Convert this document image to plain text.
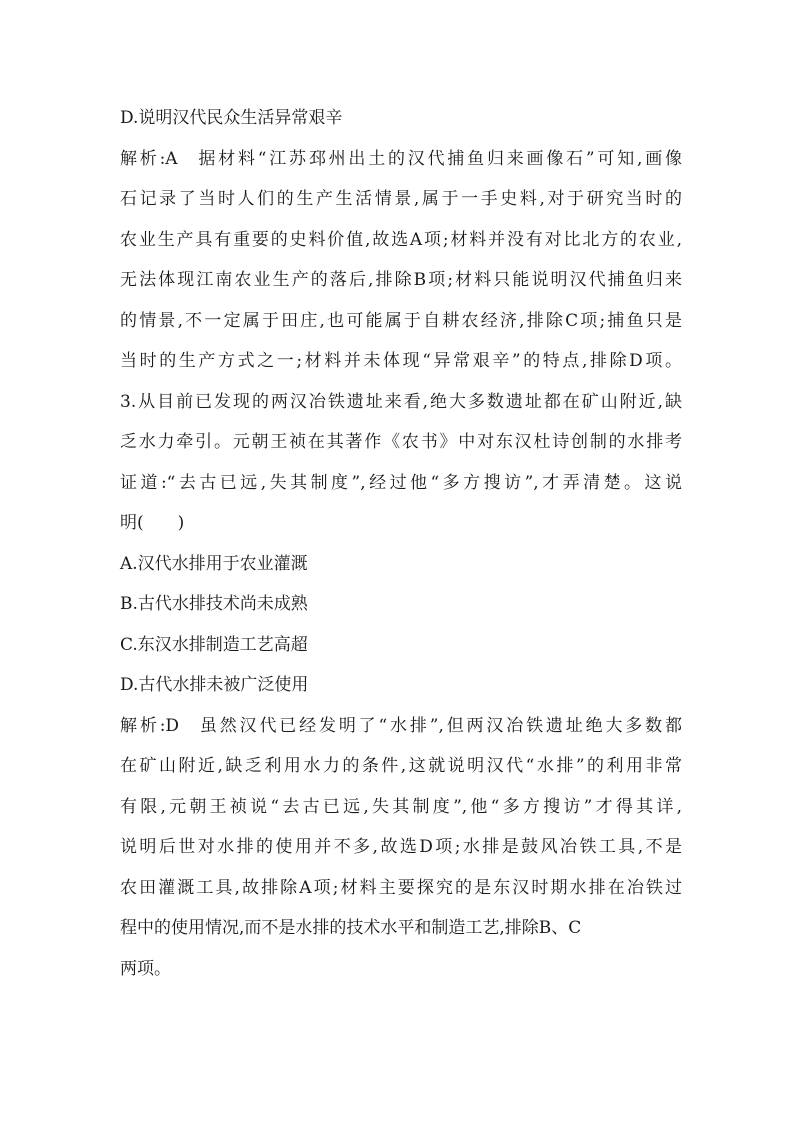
D.说明汉代民众生活异常艰辛
解析:A 据材料“江苏邳州出土的汉代捕鱼归来画像石”可知,画像
石记录了当时人们的生产生活情景,属于一手史料,对于研究当时的
农业生产具有重要的史料价值,故选A项;材料并没有对比北方的农业,
无法体现江南农业生产的落后,排除B项;材料只能说明汉代捕鱼归来
的情景,不一定属于田庄,也可能属于自耕农经济,排除C项;捕鱼只是
当时的生产方式之一;材料并未体现“异常艰辛”的特点,排除D项。
3.从目前已发现的两汉冶铁遗址来看,绝大多数遗址都在矿山附近,缺
乏水力牵引。元朝王祯在其著作《农书》中对东汉杜诗创制的水排考
证道:“去古已远,失其制度”,经过他“多方搜访”,才弄清楚。这说
明( )
A.汉代水排用于农业灌溉
B.古代水排技术尚未成熟
C.东汉水排制造工艺高超
D.古代水排未被广泛使用
解析:D 虽然汉代已经发明了“水排”,但两汉冶铁遗址绝大多数都
在矿山附近,缺乏利用水力的条件,这就说明汉代“水排”的利用非常
有限,元朝王祯说“去古已远,失其制度”,他“多方搜访”才得其详,
说明后世对水排的使用并不多,故选D项;水排是鼓风冶铁工具,不是
农田灌溉工具,故排除A项;材料主要探究的是东汉时期水排在冶铁过
程中的使用情况,而不是水排的技术水平和制造工艺,排除B、C
两项。
